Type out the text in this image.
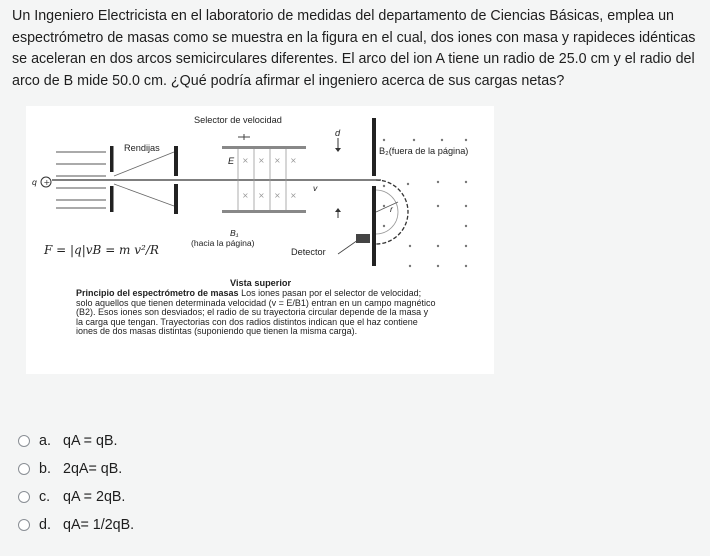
Un Ingeniero Electricista en el laboratorio de medidas del departamento de Ciencias Básicas, emplea un espectrómetro de masas como se muestra en la figura en el cual, dos iones con masa y rapideces idénticas se aceleran en dos arcos semicirculares diferentes. El arco del ion A tiene un radio de 25.0 cm y el radio del arco de B mide 50.0 cm. ¿Qué podría afirmar el ingeniero acerca de sus cargas netas?

+
× × × ×
× × × ×
Selector de velocidad
Rendijas
E
d
B₂(fuera de la página)
v
q
r
B₁
(hacia la página)
Detector
F = |q|vB = m v²/R
Vista superior
Principio del espectrómetro de masas Los iones pasan por el selector de velocidad; solo aquellos que tienen determinada velocidad (v = E/B1) entran en un campo magnético (B2). Esos iones son desviados; el radio de su trayectoria circular depende de la masa y la carga que tengan. Trayectorias con dos radios distintos indican que el haz contiene iones de dos masas distintas (suponiendo que tienen la misma carga).
a. qA = qB.
b. 2qA= qB.
c. qA = 2qB.
d. qA= 1/2qB.
